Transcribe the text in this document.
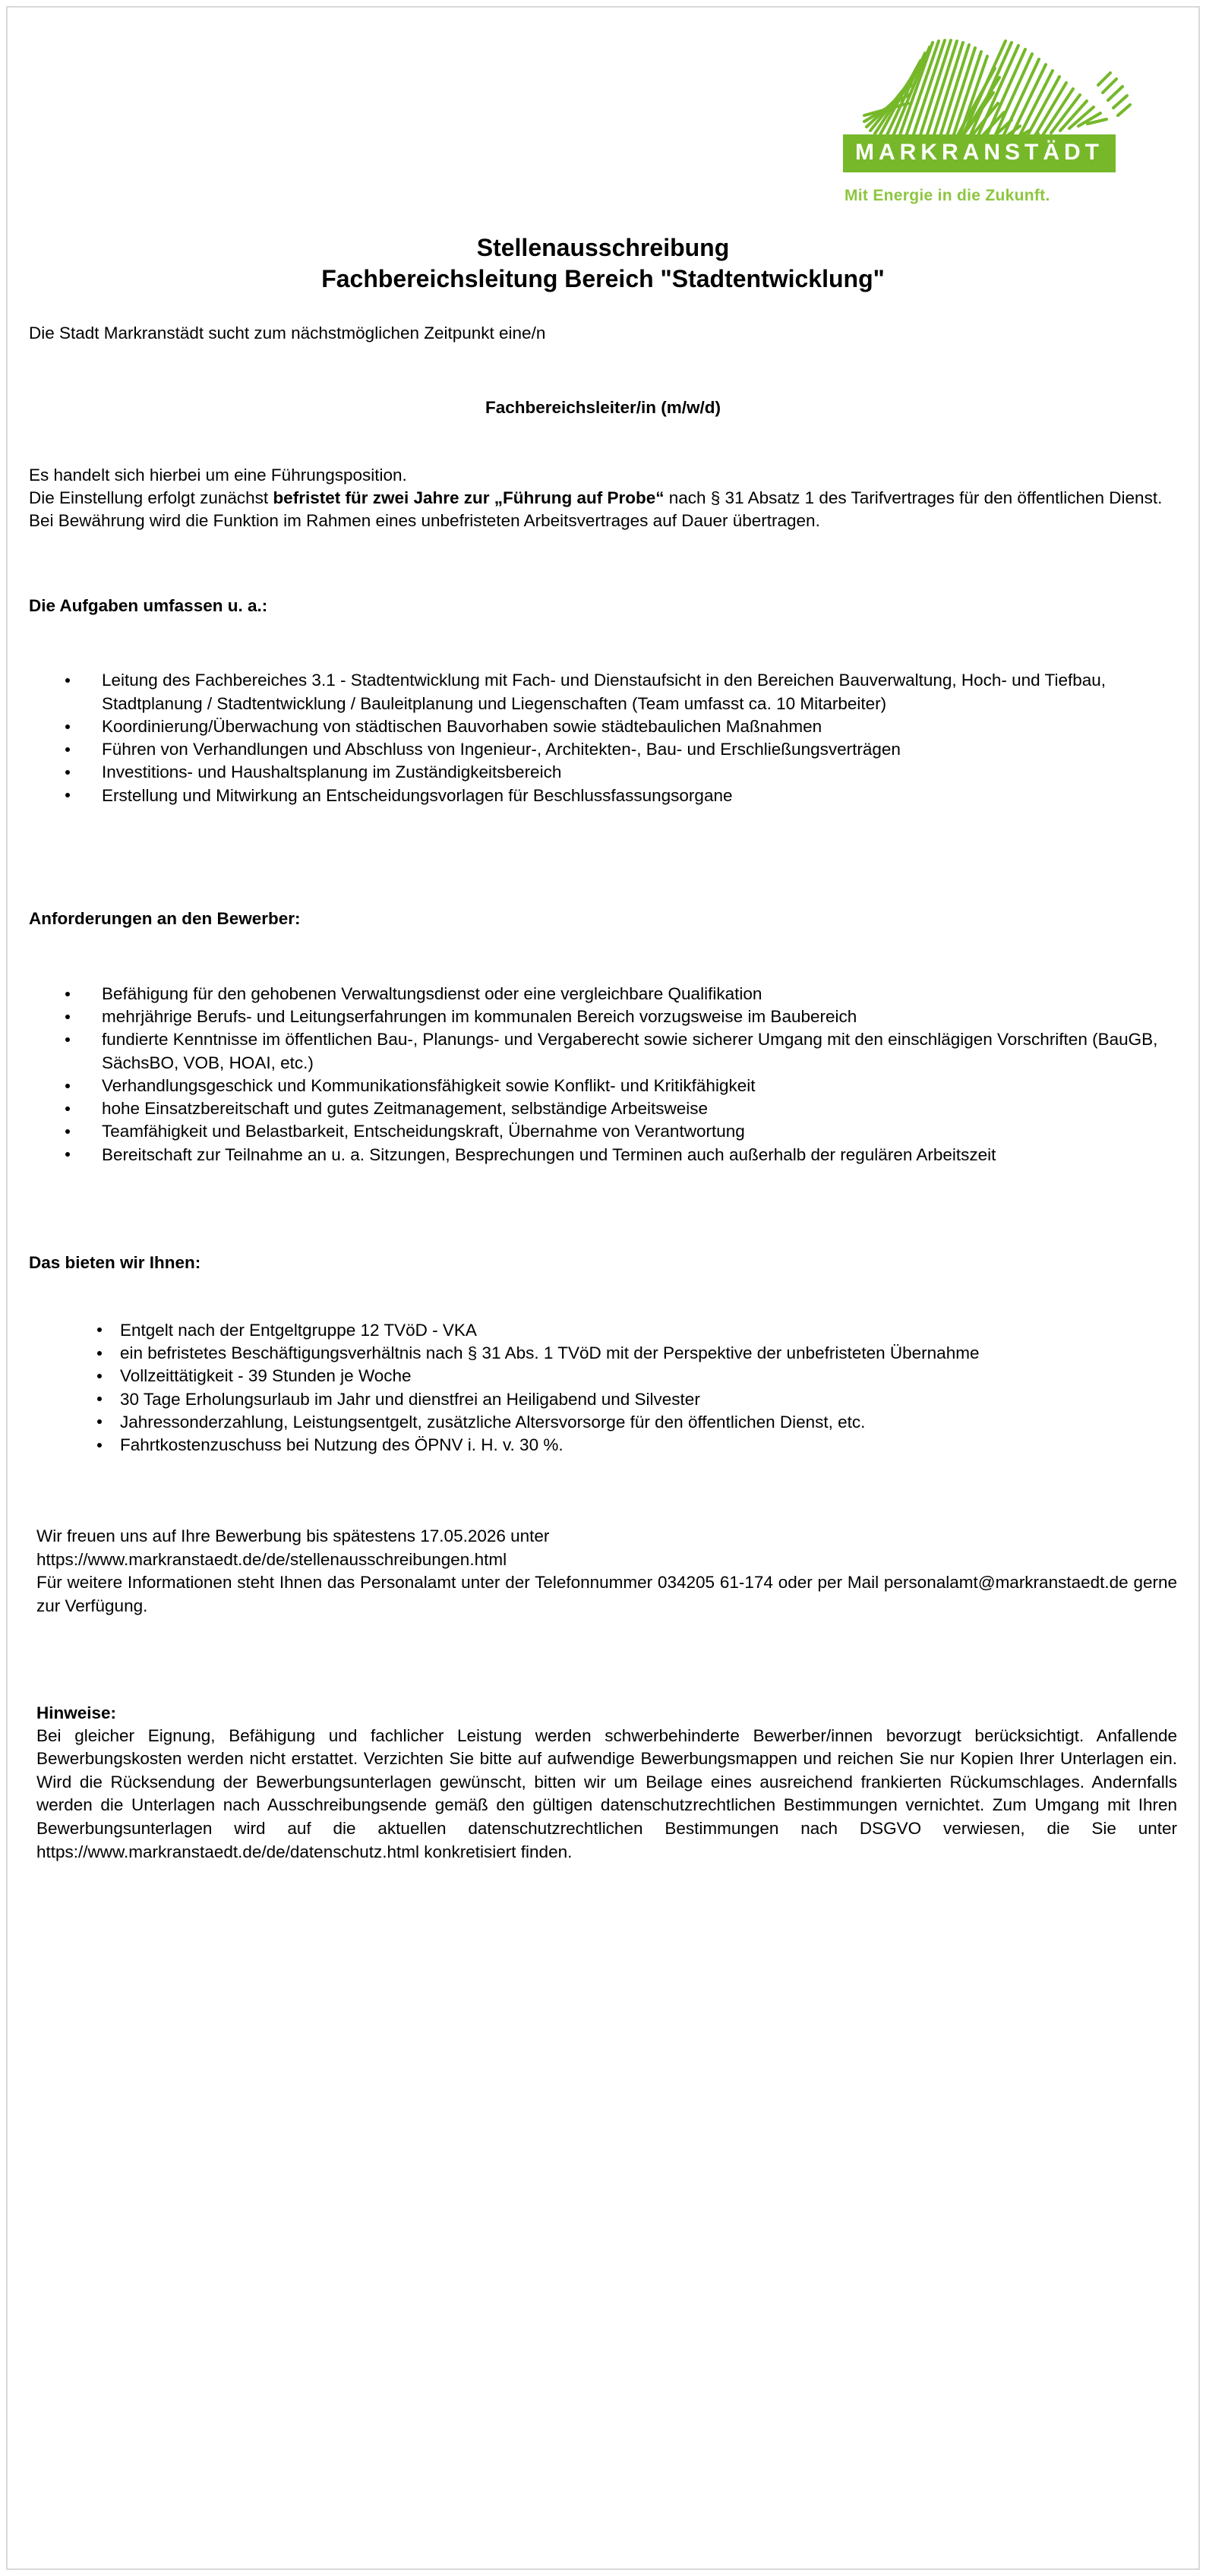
MARKRANSTÄDT
Mit Energie in die Zukunft.
Stellenausschreibung
Fachbereichsleitung Bereich "Stadtentwicklung"

Die Stadt Markranstädt sucht zum nächstmöglichen Zeitpunkt eine/n

Fachbereichsleiter/in (m/w/d)

Es handelt sich hierbei um eine Führungsposition.

Die Einstellung erfolgt zunächst befristet für zwei Jahre zur „Führung auf Probe“ nach § 31 Absatz 1 des Tarifvertrages für den öffentlichen Dienst.

Bei Bewährung wird die Funktion im Rahmen eines unbefristeten Arbeitsvertrages auf Dauer übertragen.

Die Aufgaben umfassen u. a.:

Leitung des Fachbereiches 3.1 - Stadtentwicklung mit Fach- und Dienstaufsicht in den Bereichen Bauverwaltung, Hoch- und Tiefbau, Stadtplanung / Stadtentwicklung / Bauleitplanung und Liegenschaften (Team umfasst ca. 10 Mitarbeiter)
Koordinierung/Überwachung von städtischen Bauvorhaben sowie städtebaulichen Maßnahmen
Führen von Verhandlungen und Abschluss von Ingenieur-, Architekten-, Bau- und Erschließungsverträgen
Investitions- und Haushaltsplanung im Zuständigkeitsbereich
Erstellung und Mitwirkung an Entscheidungsvorlagen für Beschlussfassungsorgane

Anforderungen an den Bewerber:

Befähigung für den gehobenen Verwaltungsdienst oder eine vergleichbare Qualifikation
mehrjährige Berufs- und Leitungserfahrungen im kommunalen Bereich vorzugsweise im Baubereich
fundierte Kenntnisse im öffentlichen Bau-, Planungs- und Vergaberecht sowie sicherer Umgang mit den einschlägigen Vorschriften (BauGB, SächsBO, VOB, HOAI, etc.)
Verhandlungsgeschick und Kommunikationsfähigkeit sowie Konflikt- und Kritikfähigkeit
hohe Einsatzbereitschaft und gutes Zeitmanagement, selbständige Arbeitsweise
Teamfähigkeit und Belastbarkeit, Entscheidungskraft, Übernahme von Verantwortung
Bereitschaft zur Teilnahme an u. a. Sitzungen, Besprechungen und Terminen auch außerhalb der regulären Arbeitszeit

Das bieten wir Ihnen:

Entgelt nach der Entgeltgruppe 12 TVöD - VKA
ein befristetes Beschäftigungsverhältnis nach § 31 Abs. 1 TVöD mit der Perspektive der unbefristeten Übernahme
Vollzeittätigkeit - 39 Stunden je Woche
30 Tage Erholungsurlaub im Jahr und dienstfrei an Heiligabend und Silvester
Jahressonderzahlung, Leistungsentgelt, zusätzliche Altersvorsorge für den öffentlichen Dienst, etc.
Fahrtkostenzuschuss bei Nutzung des ÖPNV i. H. v. 30 %.

Wir freuen uns auf Ihre Bewerbung bis spätestens 17.05.2026 unter

https://www.markranstaedt.de/de/stellenausschreibungen.html

Für weitere Informationen steht Ihnen das Personalamt unter der Telefonnummer 034205 61-174 oder per Mail personalamt@markranstaedt.de gerne zur Verfügung.

Hinweise:

Bei gleicher Eignung, Befähigung und fachlicher Leistung werden schwerbehinderte Bewerber/innen bevorzugt berücksichtigt. Anfallende Bewerbungskosten werden nicht erstattet. Verzichten Sie bitte auf aufwendige Bewerbungsmappen und reichen Sie nur Kopien Ihrer Unterlagen ein. Wird die Rücksendung der Bewerbungsunterlagen gewünscht, bitten wir um Beilage eines ausreichend frankierten Rückumschlages. Andernfalls werden die Unterlagen nach Ausschreibungsende gemäß den gültigen datenschutzrechtlichen Bestimmungen vernichtet. Zum Umgang mit Ihren Bewerbungsunterlagen wird auf die aktuellen datenschutzrechtlichen Bestimmungen nach DSGVO verwiesen, die Sie unter https://www.markranstaedt.de/de/datenschutz.html konkretisiert finden.
